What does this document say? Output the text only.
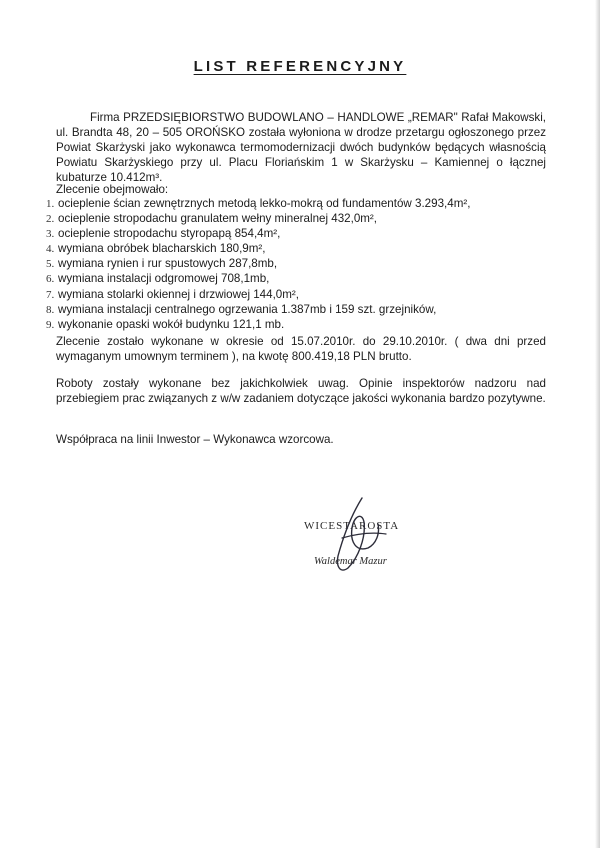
LIST REFERENCYJNY
Firma PRZEDSIĘBIORSTWO BUDOWLANO – HANDLOWE „REMAR" Rafał Makowski, ul. Brandta 48, 20 – 505 OROŃSKO została wyłoniona w drodze przetargu ogłoszonego przez Powiat Skarżyski jako wykonawca termomodernizacji dwóch budynków będących własnością Powiatu Skarżyskiego przy ul. Placu Floriańskim 1 w Skarżysku – Kamiennej o łącznej kubaturze 10.412m³.
Zlecenie obejmowało:
1. ocieplenie ścian zewnętrznych metodą lekko-mokrą od fundamentów 3.293,4m²,
2. ocieplenie stropodachu granulatem wełny mineralnej 432,0m²,
3. ocieplenie stropodachu styropapą 854,4m²,
4. wymiana obróbek blacharskich 180,9m²,
5. wymiana rynien i rur spustowych 287,8mb,
6. wymiana instalacji odgromowej 708,1mb,
7. wymiana stolarki okiennej i drzwiowej 144,0m²,
8. wymiana instalacji centralnego ogrzewania 1.387mb i 159 szt. grzejników,
9. wykonanie opaski wokół budynku 121,1 mb.
Zlecenie zostało wykonane w okresie od 15.07.2010r. do 29.10.2010r. ( dwa dni przed wymaganym umownym terminem ), na kwotę 800.419,18 PLN brutto.
Roboty zostały wykonane bez jakichkolwiek uwag. Opinie inspektorów nadzoru nad przebiegiem prac związanych z w/w zadaniem dotyczące jakości wykonania bardzo pozytywne.
Współpraca na linii Inwestor – Wykonawca wzorcowa.
WICESTAROSTA
Waldemar Mazur
